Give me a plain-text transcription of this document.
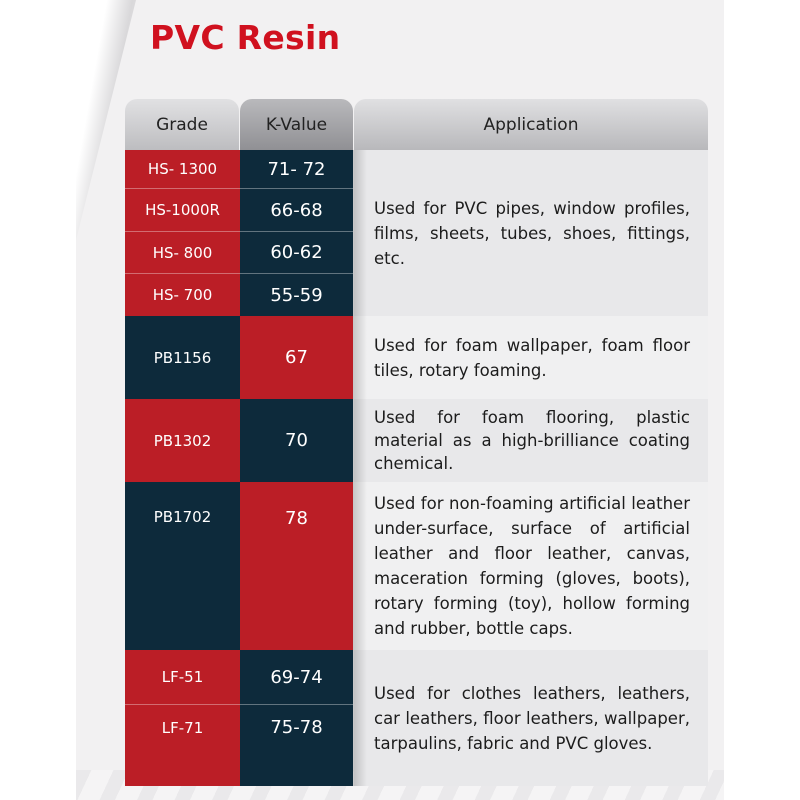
PVC Resin
Grade	K-Value	Application
HS- 1300	71- 72
HS-1000R	66-68
HS- 800	60-62
HS- 700	55-59
Used for PVC pipes, window profiles, films, sheets, tubes, shoes, fittings, etc.
PB1156	67
Used for foam wallpaper, foam floor tiles, rotary foaming.
PB1302	70
Used for foam flooring, plastic material as a high-brilliance coating chemical.
PB1702	78
Used for non-foaming artificial leather under-surface, surface of artificial leather and floor leather, canvas, maceration forming (gloves, boots), rotary forming (toy), hollow forming and rubber, bottle caps.
LF-51	69-74
LF-71	75-78
Used for clothes leathers, leathers, car leathers, floor leathers, wallpaper, tarpaulins, fabric and PVC gloves.
